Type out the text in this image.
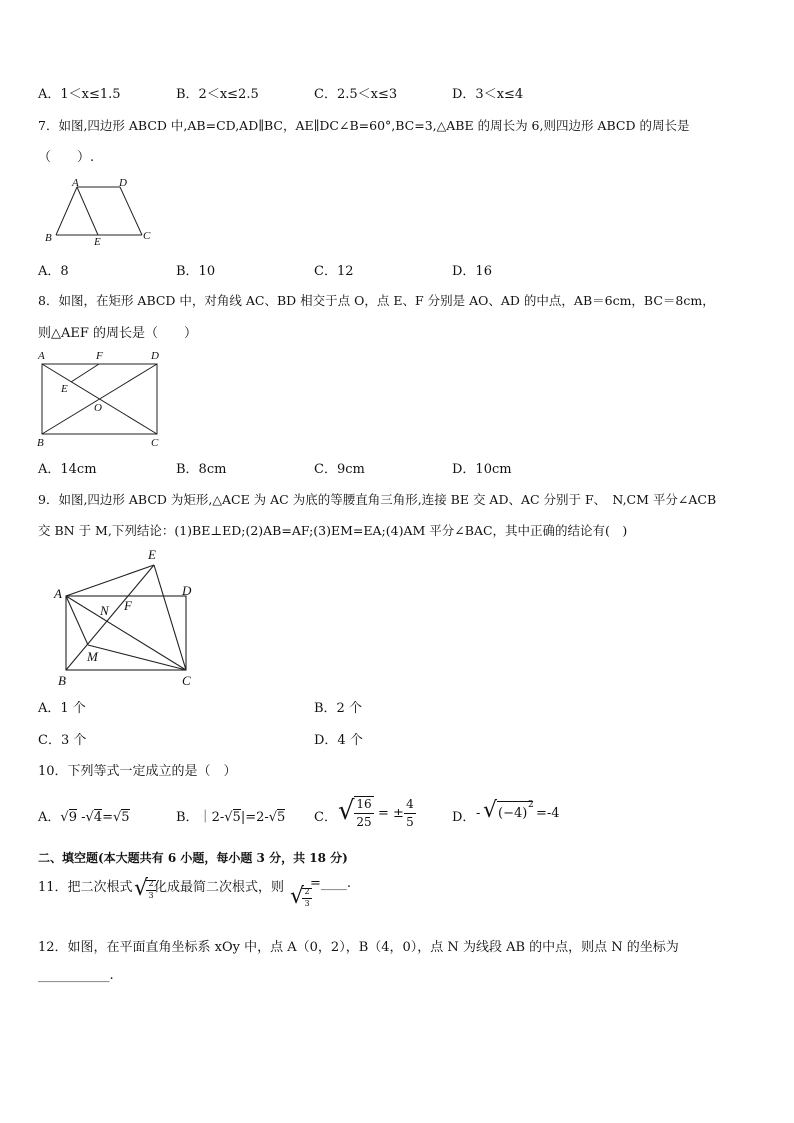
A．1＜x≤1.5	B．2＜x≤2.5	C．2.5＜x≤3	D．3＜x≤4
7．如图,四边形 ABCD 中,AB=CD,AD∥BC，AE∥DC∠B=60°,BC=3,△ABE 的周长为 6,则四边形 ABCD 的周长是
（　　）.
A	D
B	E	C
A．8	B．10	C．12	D．16
8．如图，在矩形 ABCD 中，对角线 AC、BD 相交于点 O，点 E、F 分别是 AO、AD 的中点，AB＝6cm，BC＝8cm，
则△AEF 的周长是（　　）
A	F	D
E
O
B	C
A．14cm	B．8cm	C．9cm	D．10cm
9．如图,四边形 ABCD 为矩形,△ACE 为 AC 为底的等腰直角三角形,连接 BE 交 AD、AC 分别于 F、　N,CM 平分∠ACB
交 BN 于 M,下列结论：(1)BE⊥ED;(2)AB=AF;(3)EM=EA;(4)AM 平分∠BAC，其中正确的结论有(　)
E
A	D
N F
M
B	C
A．1 个	B．2 个
C．3 个	D．4 个
10．下列等式一定成立的是（　）
A．√9 -√4=√5	B．｜2-√5|=2-√5 C． √ 16
25
= ±
4
5	D． - √ (−4)
2
=-4
二、填空题(本大题共有 6 小题，每小题 3 分，共 18 分)
11．把二次根式 √ 2
3
化成最简二次根式，则 √ 2
3
=____.
12．如图，在平面直角坐标系 xOy 中，点 A（0，2），B（4，0），点 N 为线段 AB 的中点，则点 N 的坐标为
___________.
